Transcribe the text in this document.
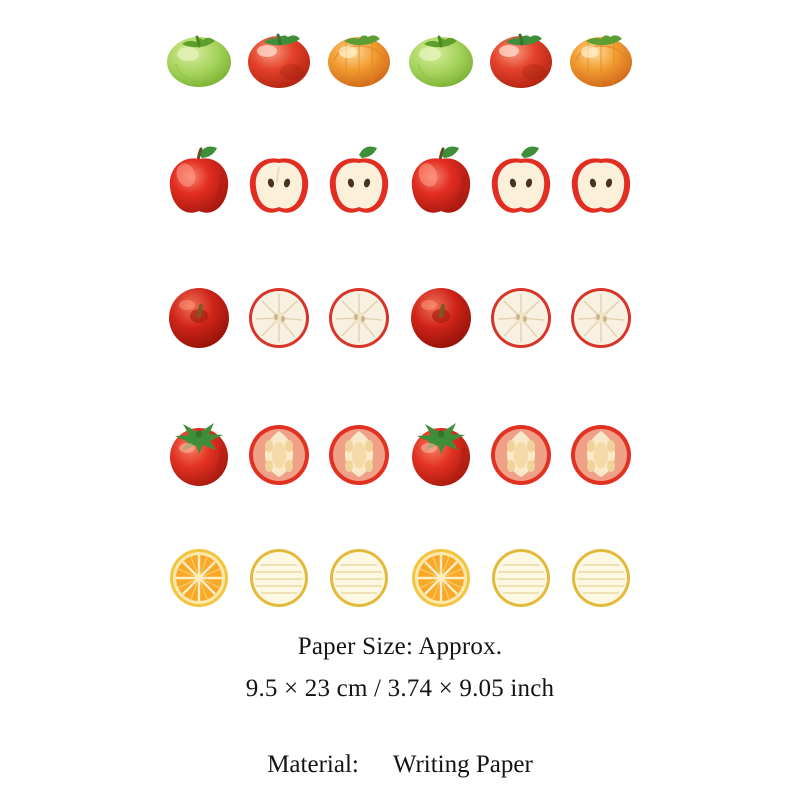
Paper Size: Approx.
9.5 × 23 cm / 3.74 × 9.05 inch
Material: Writing Paper
